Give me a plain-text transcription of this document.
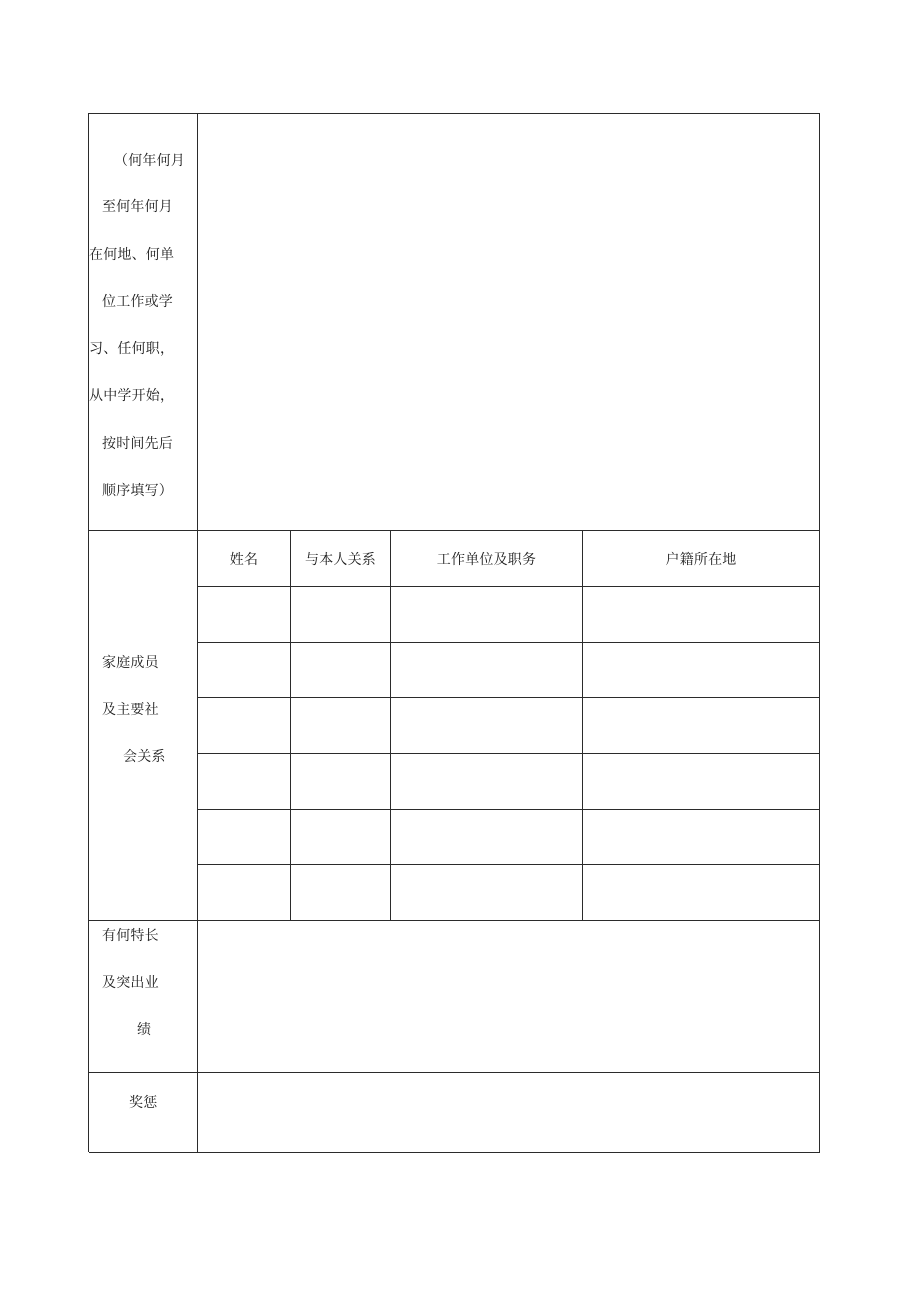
（何年何月
至何年何月
在何地、何单
位工作或学
习、任何职，
从中学开始，
按时间先后
顺序填写）
家庭成员
及主要社
会关系
姓名	与本人关系	工作单位及职务	户籍所在地
有何特长
及突出业
绩
奖惩
